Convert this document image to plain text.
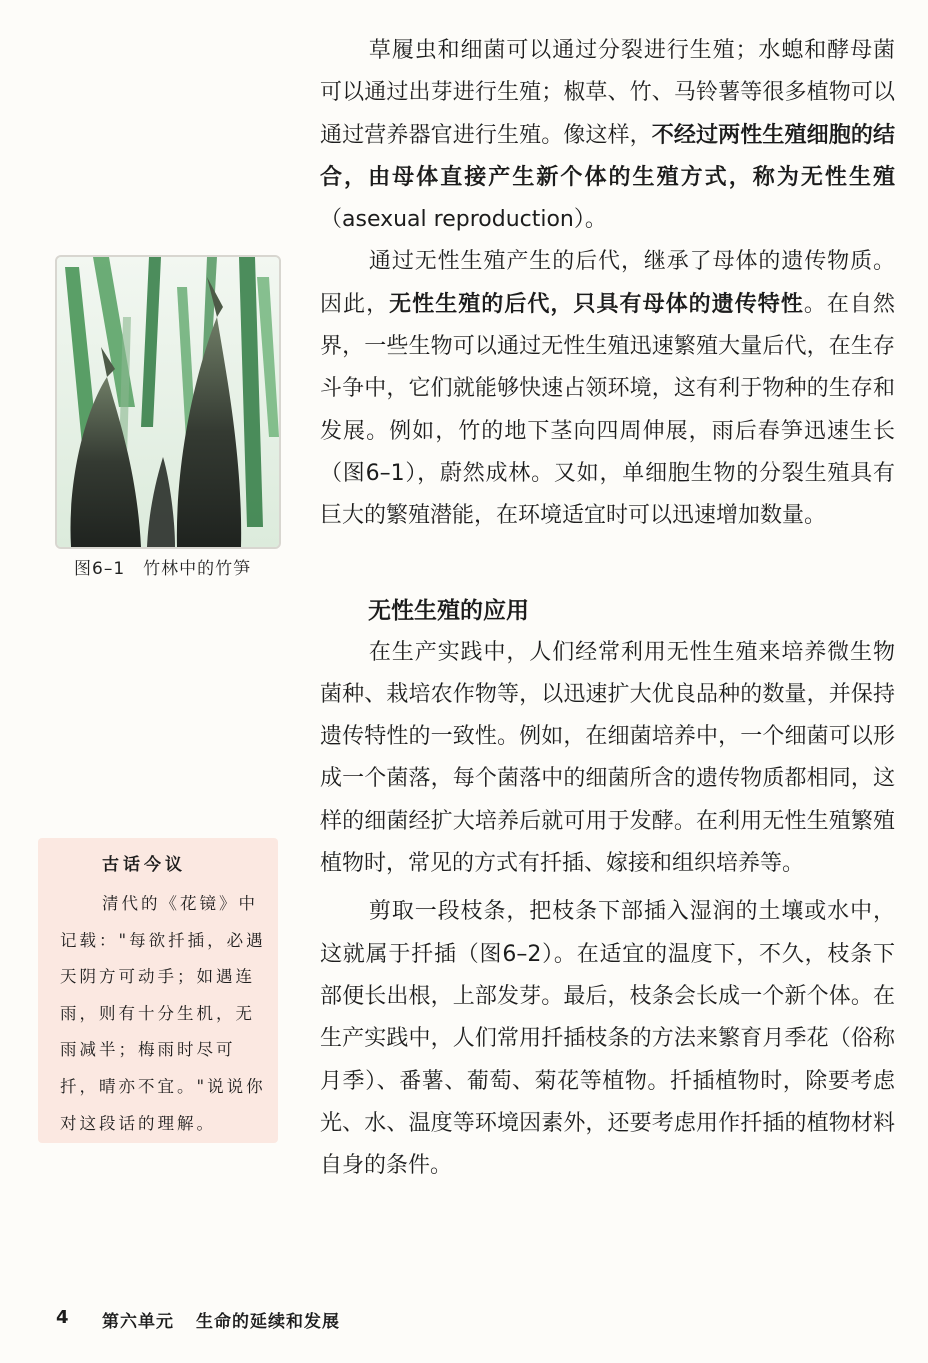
草履虫和细菌可以通过分裂进行生殖；水螅和酵母菌可以通过出芽进行生殖；椒草、竹、马铃薯等很多植物可以通过营养器官进行生殖。像这样，不经过两性生殖细胞的结合，由母体直接产生新个体的生殖方式，称为无性生殖（asexual reproduction）。

通过无性生殖产生的后代，继承了母体的遗传物质。因此，无性生殖的后代，只具有母体的遗传特性。在自然界，一些生物可以通过无性生殖迅速繁殖大量后代，在生存斗争中，它们就能够快速占领环境，这有利于物种的生存和发展。例如，竹的地下茎向四周伸展，雨后春笋迅速生长（图6–1），蔚然成林。又如，单细胞生物的分裂生殖具有巨大的繁殖潜能，在环境适宜时可以迅速增加数量。

无性生殖的应用

在生产实践中，人们经常利用无性生殖来培养微生物菌种、栽培农作物等，以迅速扩大优良品种的数量，并保持遗传特性的一致性。例如，在细菌培养中，一个细菌可以形成一个菌落，每个菌落中的细菌所含的遗传物质都相同，这样的细菌经扩大培养后就可用于发酵。在利用无性生殖繁殖植物时，常见的方式有扦插、嫁接和组织培养等。

剪取一段枝条，把枝条下部插入湿润的土壤或水中，这就属于扦插（图6–2）。在适宜的温度下，不久，枝条下部便长出根，上部发芽。最后，枝条会长成一个新个体。在生产实践中，人们常用扦插枝条的方法来繁育月季花（俗称月季）、番薯、葡萄、菊花等植物。扦插植物时，除要考虑光、水、温度等环境因素外，还要考虑用作扦插的植物材料自身的条件。

图6–1　竹林中的竹笋
古话今议
清代的《花镜》中记载："每欲扦插，必遇天阴方可动手；如遇连雨，则有十分生机，无雨减半；梅雨时尽可扦，晴亦不宜。"说说你对这段话的理解。
4 第六单元 生命的延续和发展
